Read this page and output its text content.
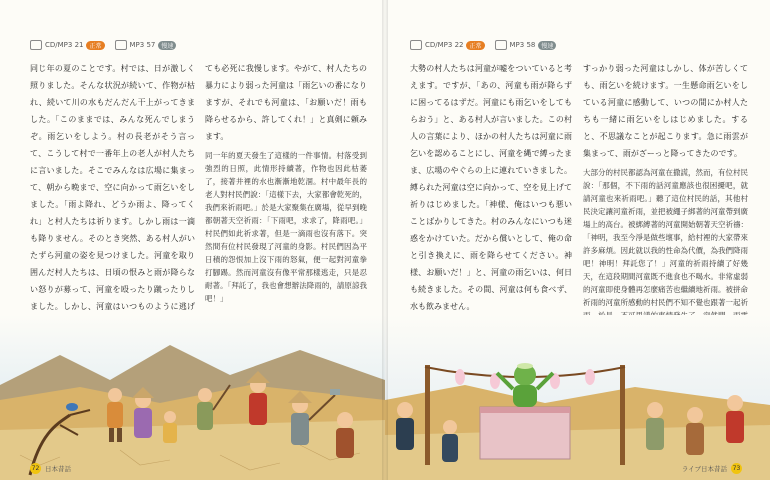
CD/MP3 21	正常	MP3 57	慢速

同じ年の夏のことです。村では、日が激しく照りました。そんな状況が続いて、作物が枯れ、続いて川の水もだんだん干上がってきました。「このままでは、みんな死んでしまうぞ。雨乞いをしよう。村の長老がそう言って、こうして村で一番年上の老人が村人たちに言いました。そこでみんなは広場に集まって、朝から晩まで、空に向かって雨乞いをしました。「雨よ降れ、どうか雨よ、降ってくれ」と村人たちは祈ります。しかし雨は一滴も降りません。そのとき突然、ある村人がいたずら河童の姿を見つけました。河童を取り囲んだ村人たちは、日頃の恨みと雨が降らない怒りが募って、河童を殴ったり蹴ったりしました。しかし、河童はいつものように逃げ

ても必死に我慢します。やがて、村人たちの暴力により弱った河童は「雨乞いの番になりますが、それでも河童は、「お願いだ！雨も降らせるから、許してくれ！」と真剣に頼みます。

同一年的夏天發生了這樣的一件事情。村落受到強烈的日照，此情形持續著，作物也因此枯萎了，接著井裡的水也漸漸地乾涸。村中最年長的老人對村民們說：「這樣下去，大家都會乾死的，我們來祈雨吧。」於是大家聚集在廣場，從早到晚都朝著天空祈雨：「下雨吧，求求了，降雨吧。」村民們如此祈求著，但是一滴雨也沒有落下。突然間有位村民發現了河童的身影。村民們因為平日積的怨恨加上沒下雨的怒氣，便一起對河童拳打腳踢。然而河童沒有像平常那樣逃走，只是忍耐著。「拜託了，我也會想辦法降雨的，請原諒我吧！」

72 日本昔話
CD/MP3 22	正常	MP3 58	慢速

大勢の村人たちは河童が嘘をついていると考えます。ですが、「あの、河童も雨が降らずに困ってるはずだ。河童にも雨乞いをしてもらおう」と、ある村人が言いました。この村人の言葉により、ほかの村人たちは河童に雨乞いを認めることにし、河童を縄で縛ったまま、広場のやぐらの上に連れていきました。縛られた河童は空に向かって、空を見上げて祈りはじめました。「神様、俺はいつも悪いことばかりしてきた。村のみんなにいつも迷惑をかけていた。だから償いとして、俺の命と引き換えに、雨を降らせてください。神様、お願いだ！」と、河童の雨乞いは、何日も続きました。その間、河童は何も食べず、水も飲みません。

すっかり弱った河童はしかし、体が苦しくても、雨乞いを続けます。一生懸命雨乞いをしている河童に感動して、いつの間にか村人たちも一緒に雨乞いをしはじめました。すると、不思議なことが起こります。急に雨雲が集まって、雨がざーっと降ってきたのです。

大部分的村民都認為河童在撒謊，然而，有位村民說：「那個，不下雨的話河童應該也很困擾吧，就請河童也來祈雨吧。」聽了這位村民的話，其他村民決定讓河童祈雨，並把被繩子綁著的河童帶到廣場上的高台。被綁縛著的河童開始朝著天空祈禱：「神明，我至今淨是做些壞事，給村裡的大家帶來許多麻煩。因此就以我的性命為代價，為我們降雨吧！神明！拜託您了！」河童的祈雨持續了好幾天，在這段期間河童既不進食也不喝水。非常虛弱的河童即使身體再怎麼痛苦也繼續地祈雨。被拼命祈雨的河童所感動的村民們不知不覺也跟著一起祈

ライブ日本昔話 73
